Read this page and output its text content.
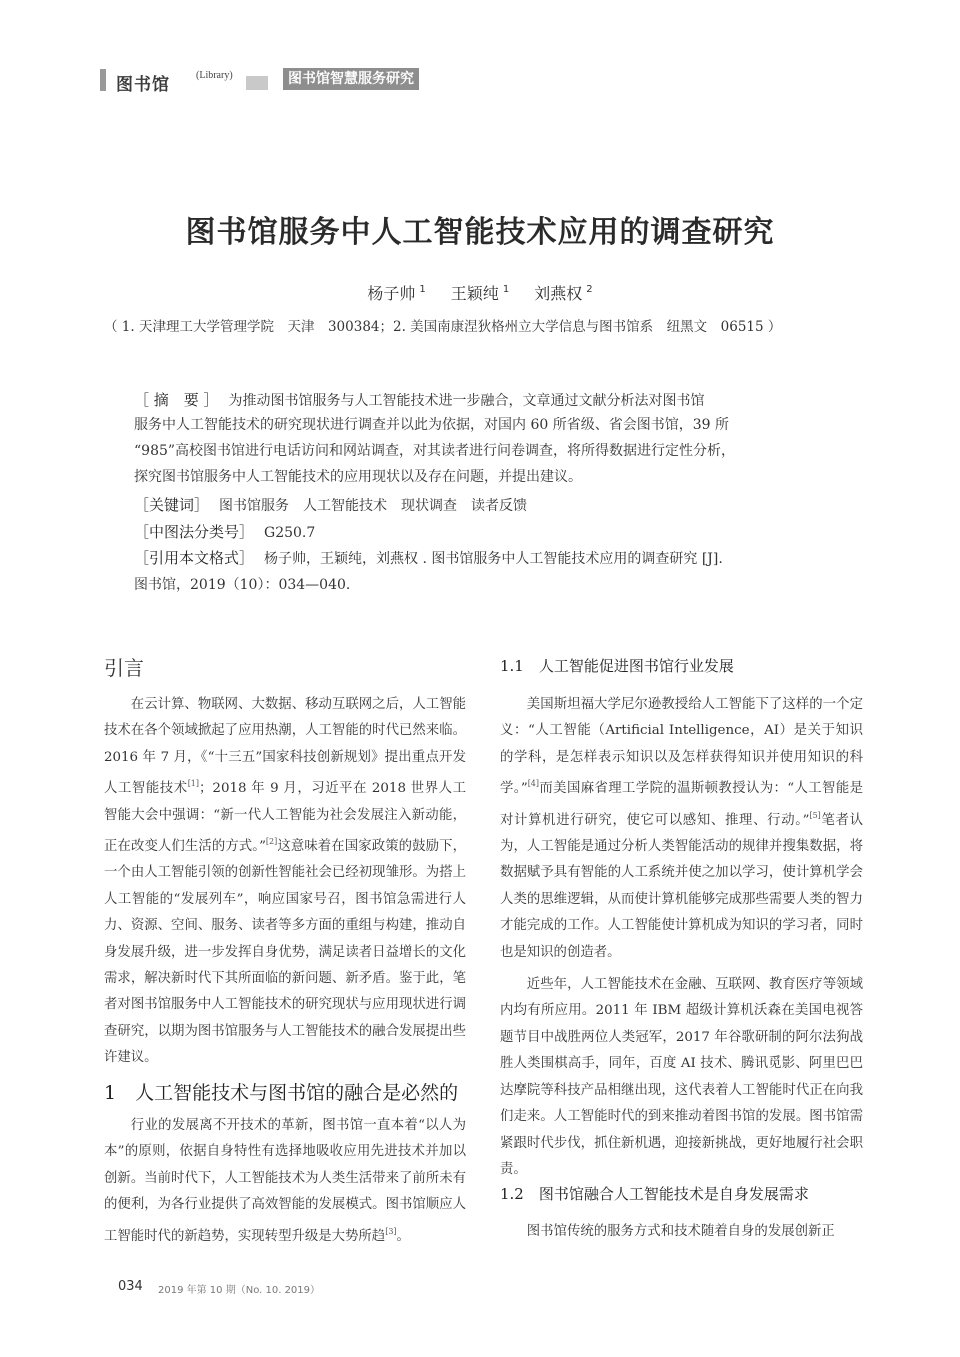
图书馆	(Library)	图书馆智慧服务研究
图书馆服务中人工智能技术应用的调查研究
杨子帅 $^1$ 王颖纯 $^1$ 刘燕权 $^2$
（ 1. 天津理工大学管理学院　天津　300384；2. 美国南康涅狄格州立大学信息与图书馆系　纽黑文　06515 ）
［ 摘　要 ］ 为推动图书馆服务与人工智能技术进一步融合，文章通过文献分析法对图书馆
服务中人工智能技术的研究现状进行调查并以此为依据，对国内 60 所省级、省会图书馆，39 所
“985”高校图书馆进行电话访问和网站调查，对其读者进行问卷调查，将所得数据进行定性分析，
探究图书馆服务中人工智能技术的应用现状以及存在问题，并提出建议。
［关键词］ 图书馆服务　人工智能技术　现状调查　读者反馈
［中图法分类号］ G250.7
［引用本文格式］ 杨子帅，王颖纯，刘燕权 . 图书馆服务中人工智能技术应用的调查研究 [J].
图书馆，2019（10）：034—040.
引言

在云计算、物联网、大数据、移动互联网之后，人工智能技术在各个领域掀起了应用热潮，人工智能的时代已然来临。2016 年 7 月，《“十三五”国家科技创新规划》提出重点开发人工智能技术[1]；2018 年 9 月，习近平在 2018 世界人工智能大会中强调：“新一代人工智能为社会发展注入新动能，正在改变人们生活的方式。”[2]这意味着在国家政策的鼓励下，一个由人工智能引领的创新性智能社会已经初现雏形。为搭上人工智能的“发展列车”，响应国家号召，图书馆急需进行人力、资源、空间、服务、读者等多方面的重组与构建，推动自身发展升级，进一步发挥自身优势，满足读者日益增长的文化需求，解决新时代下其所面临的新问题、新矛盾。鉴于此，笔者对图书馆服务中人工智能技术的研究现状与应用现状进行调查研究，以期为图书馆服务与人工智能技术的融合发展提出些许建议。

1　人工智能技术与图书馆的融合是必然的

行业的发展离不开技术的革新，图书馆一直本着“以人为本”的原则，依据自身特性有选择地吸收应用先进技术并加以创新。当前时代下，人工智能技术为人类生活带来了前所未有的便利，为各行业提供了高效智能的发展模式。图书馆顺应人工智能时代的新趋势，实现转型升级是大势所趋[3]。

1.1　人工智能促进图书馆行业发展

美国斯坦福大学尼尔逊教授给人工智能下了这样的一个定义：“人工智能（Artificial Intelligence，AI）是关于知识的学科，是怎样表示知识以及怎样获得知识并使用知识的科学。”[4]而美国麻省理工学院的温斯顿教授认为：“人工智能是对计算机进行研究，使它可以感知、推理、行动。”[5]笔者认为，人工智能是通过分析人类智能活动的规律并搜集数据，将数据赋予具有智能的人工系统并使之加以学习，使计算机学会人类的思维逻辑，从而使计算机能够完成那些需要人类的智力才能完成的工作。人工智能使计算机成为知识的学习者，同时也是知识的创造者。

近些年，人工智能技术在金融、互联网、教育医疗等领域内均有所应用。2011 年 IBM 超级计算机沃森在美国电视答题节目中战胜两位人类冠军，2017 年谷歌研制的阿尔法狗战胜人类围棋高手，同年，百度 AI 技术、腾讯觅影、阿里巴巴达摩院等科技产品相继出现，这代表着人工智能时代正在向我们走来。人工智能时代的到来推动着图书馆的发展。图书馆需紧跟时代步伐，抓住新机遇，迎接新挑战，更好地履行社会职责。

1.2　图书馆融合人工智能技术是自身发展需求

图书馆传统的服务方式和技术随着自身的发展创新正

034 2019 年第 10 期（No. 10. 2019）
